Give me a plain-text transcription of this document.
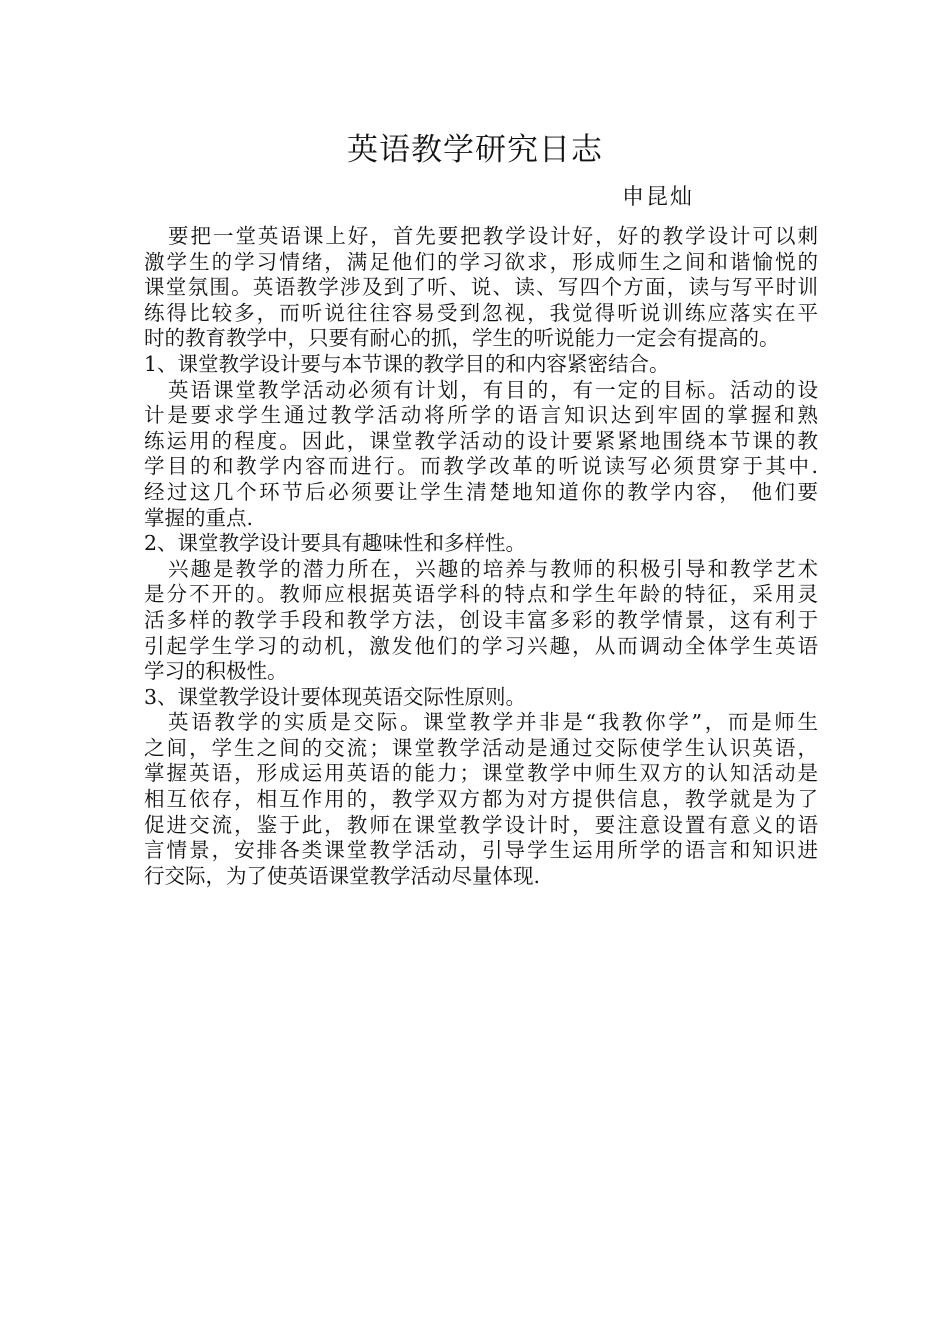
英语教学研究日志
申昆灿
要把一堂英语课上好，首先要把教学设计好，好的教学设计可以刺
激学生的学习情绪，满足他们的学习欲求，形成师生之间和谐愉悦的
课堂氛围。英语教学涉及到了听、说、读、写四个方面，读与写平时训
练得比较多，而听说往往容易受到忽视，我觉得听说训练应落实在平
时的教育教学中，只要有耐心的抓，学生的听说能力一定会有提高的。
1、课堂教学设计要与本节课的教学目的和内容紧密结合。
英语课堂教学活动必须有计划，有目的，有一定的目标。活动的设
计是要求学生通过教学活动将所学的语言知识达到牢固的掌握和熟
练运用的程度。因此，课堂教学活动的设计要紧紧地围绕本节课的教
学目的和教学内容而进行。而教学改革的听说读写必须贯穿于其中.
经过这几个环节后必须要让学生清楚地知道你的教学内容， 他们要
掌握的重点.
2、课堂教学设计要具有趣味性和多样性。
兴趣是教学的潜力所在，兴趣的培养与教师的积极引导和教学艺术
是分不开的。教师应根据英语学科的特点和学生年龄的特征，采用灵
活多样的教学手段和教学方法，创设丰富多彩的教学情景，这有利于
引起学生学习的动机，激发他们的学习兴趣，从而调动全体学生英语
学习的积极性。
3、课堂教学设计要体现英语交际性原则。
英语教学的实质是交际。课堂教学并非是“我教你学”，而是师生
之间，学生之间的交流；课堂教学活动是通过交际使学生认识英语，
掌握英语，形成运用英语的能力；课堂教学中师生双方的认知活动是
相互依存，相互作用的，教学双方都为对方提供信息，教学就是为了
促进交流，鉴于此，教师在课堂教学设计时，要注意设置有意义的语
言情景，安排各类课堂教学活动，引导学生运用所学的语言和知识进
行交际，为了使英语课堂教学活动尽量体现.
